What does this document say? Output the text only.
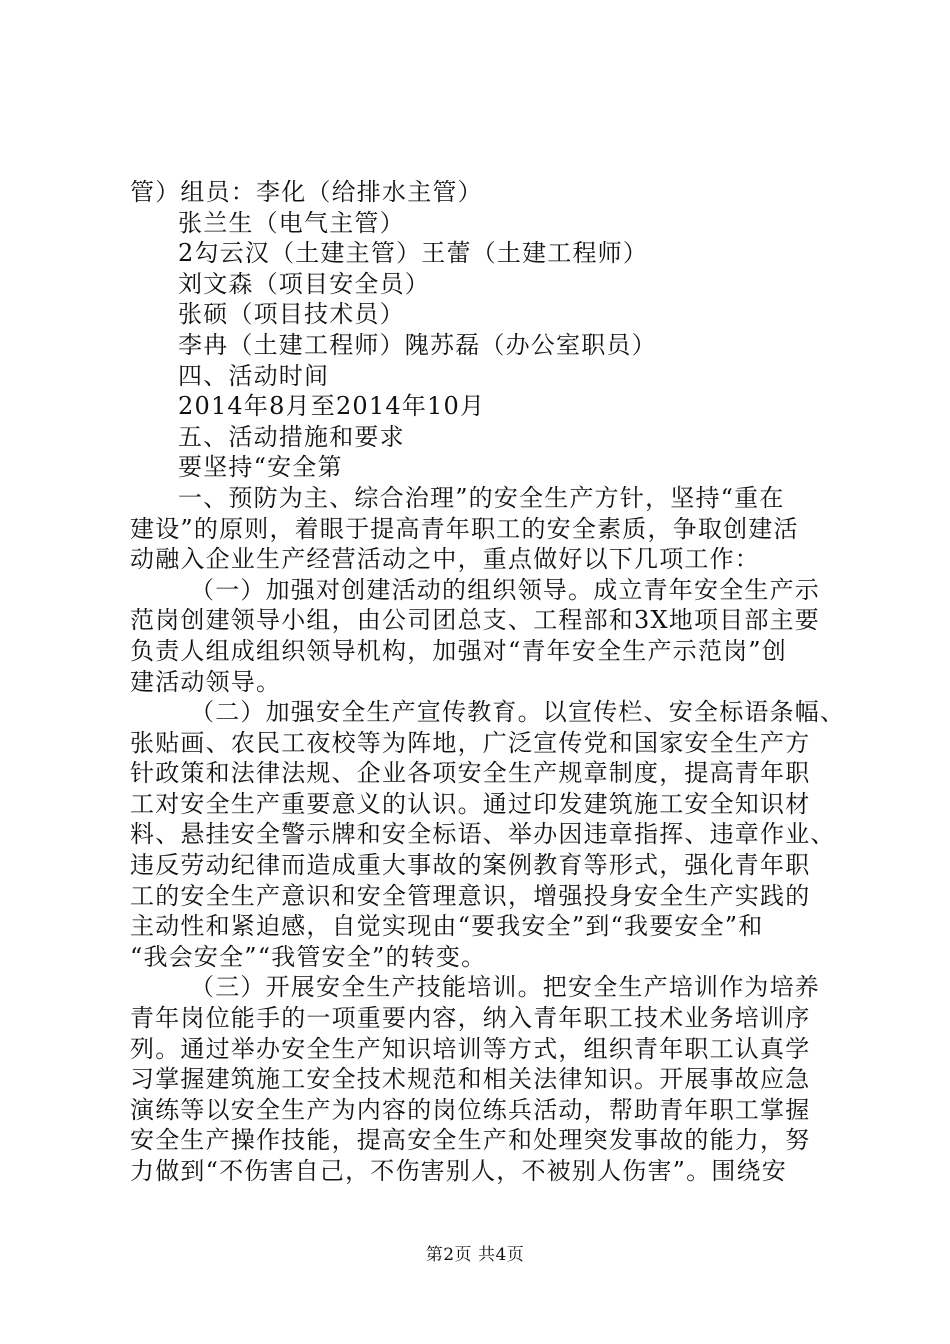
管）组员：李化（给排水主管）
张兰生（电气主管）
2勾云汉（土建主管）王蕾（土建工程师）
刘文森（项目安全员）
张硕（项目技术员）
李冉（土建工程师）隗苏磊（办公室职员）
四、活动时间
2014年8月至2014年10月
五、活动措施和要求
要坚持“安全第
一、预防为主、综合治理”的安全生产方针，坚持“重在
建设”的原则，着眼于提高青年职工的安全素质，争取创建活
动融入企业生产经营活动之中，重点做好以下几项工作：
（一）加强对创建活动的组织领导。成立青年安全生产示
范岗创建领导小组，由公司团总支、工程部和3X地项目部主要
负责人组成组织领导机构，加强对“青年安全生产示范岗”创
建活动领导。
（二）加强安全生产宣传教育。以宣传栏、安全标语条幅、
张贴画、农民工夜校等为阵地，广泛宣传党和国家安全生产方
针政策和法律法规、企业各项安全生产规章制度，提高青年职
工对安全生产重要意义的认识。通过印发建筑施工安全知识材
料、悬挂安全警示牌和安全标语、举办因违章指挥、违章作业、
违反劳动纪律而造成重大事故的案例教育等形式，强化青年职
工的安全生产意识和安全管理意识，增强投身安全生产实践的
主动性和紧迫感，自觉实现由“要我安全”到“我要安全”和
“我会安全”“我管安全”的转变。
（三）开展安全生产技能培训。把安全生产培训作为培养
青年岗位能手的一项重要内容，纳入青年职工技术业务培训序
列。通过举办安全生产知识培训等方式，组织青年职工认真学
习掌握建筑施工安全技术规范和相关法律知识。开展事故应急
演练等以安全生产为内容的岗位练兵活动，帮助青年职工掌握
安全生产操作技能，提高安全生产和处理突发事故的能力，努
力做到“不伤害自己，不伤害别人，不被别人伤害”。围绕安
第2页 共4页
